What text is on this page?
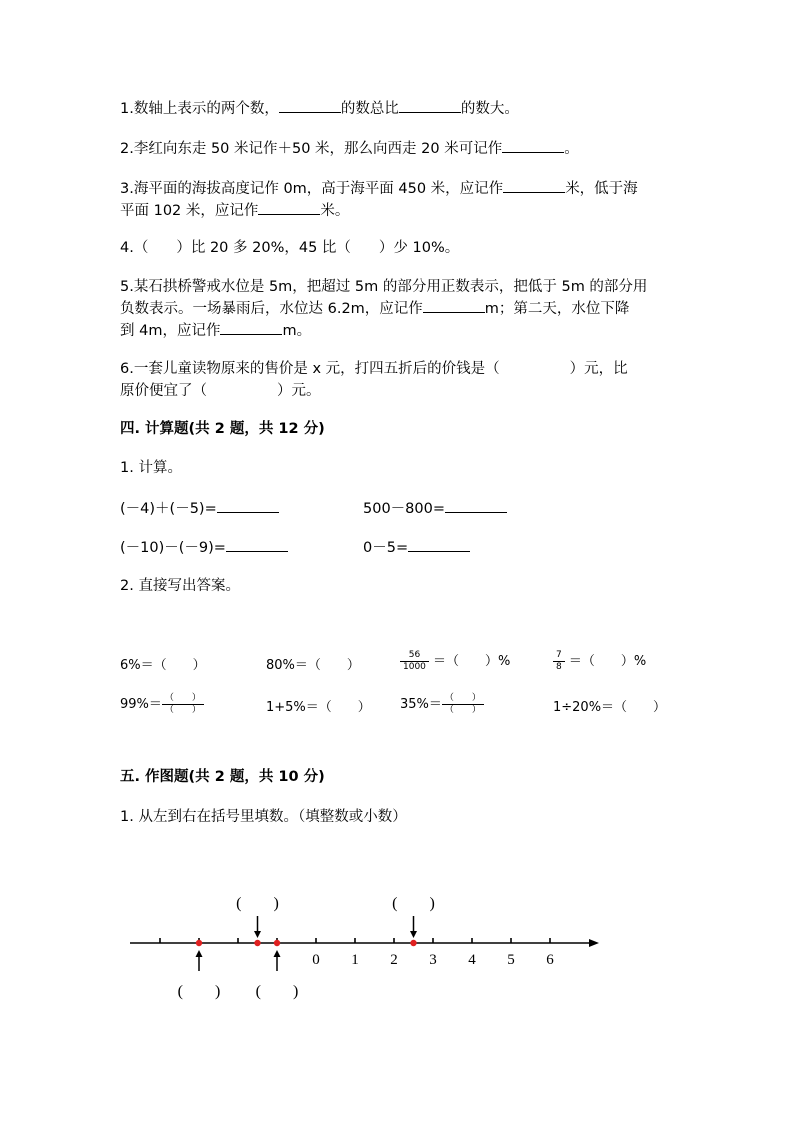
1.数轴上表示的两个数，	的数总比	的数大。
2.李红向东走 50 米记作＋50 米，那么向西走 20 米可记作	。
3.海平面的海拔高度记作 0m，高于海平面 450 米，应记作	米，低于海
平面 102 米，应记作	米。
4.（ ）比 20 多 20%，45 比（ ）少 10%。
5.某石拱桥警戒水位是 5m，把超过 5m 的部分用正数表示，把低于 5m 的部分用
负数表示。一场暴雨后，水位达 6.2m，应记作	m；第二天，水位下降
到 4m，应记作	m。
6.一套儿童读物原来的售价是 x 元，打四五折后的价钱是（	）元，比
原价便宜了（	）元。
四. 计算题(共 2 题，共 12 分)
1. 计算。
(－4)＋(－5)=	500－800=
(－10)－(－9)=	0－5=
2. 直接写出答案。
6%＝（　　）	80%＝（　　）	$\frac{56}{1000}$ ＝（　　）%	$\frac{7}{8}$ ＝（　　）%
$99\%= \frac{( )}{( )}$	1+5%＝（　　） $35\%= \frac{( )}{( )}$	1÷20%＝（　　）
五. 作图题(共 2 题，共 10 分)
1. 从左到右在括号里填数。（填整数或小数）
0 1 2 3 4 5 6
(　　)	(　　)
(　　) (　　)
